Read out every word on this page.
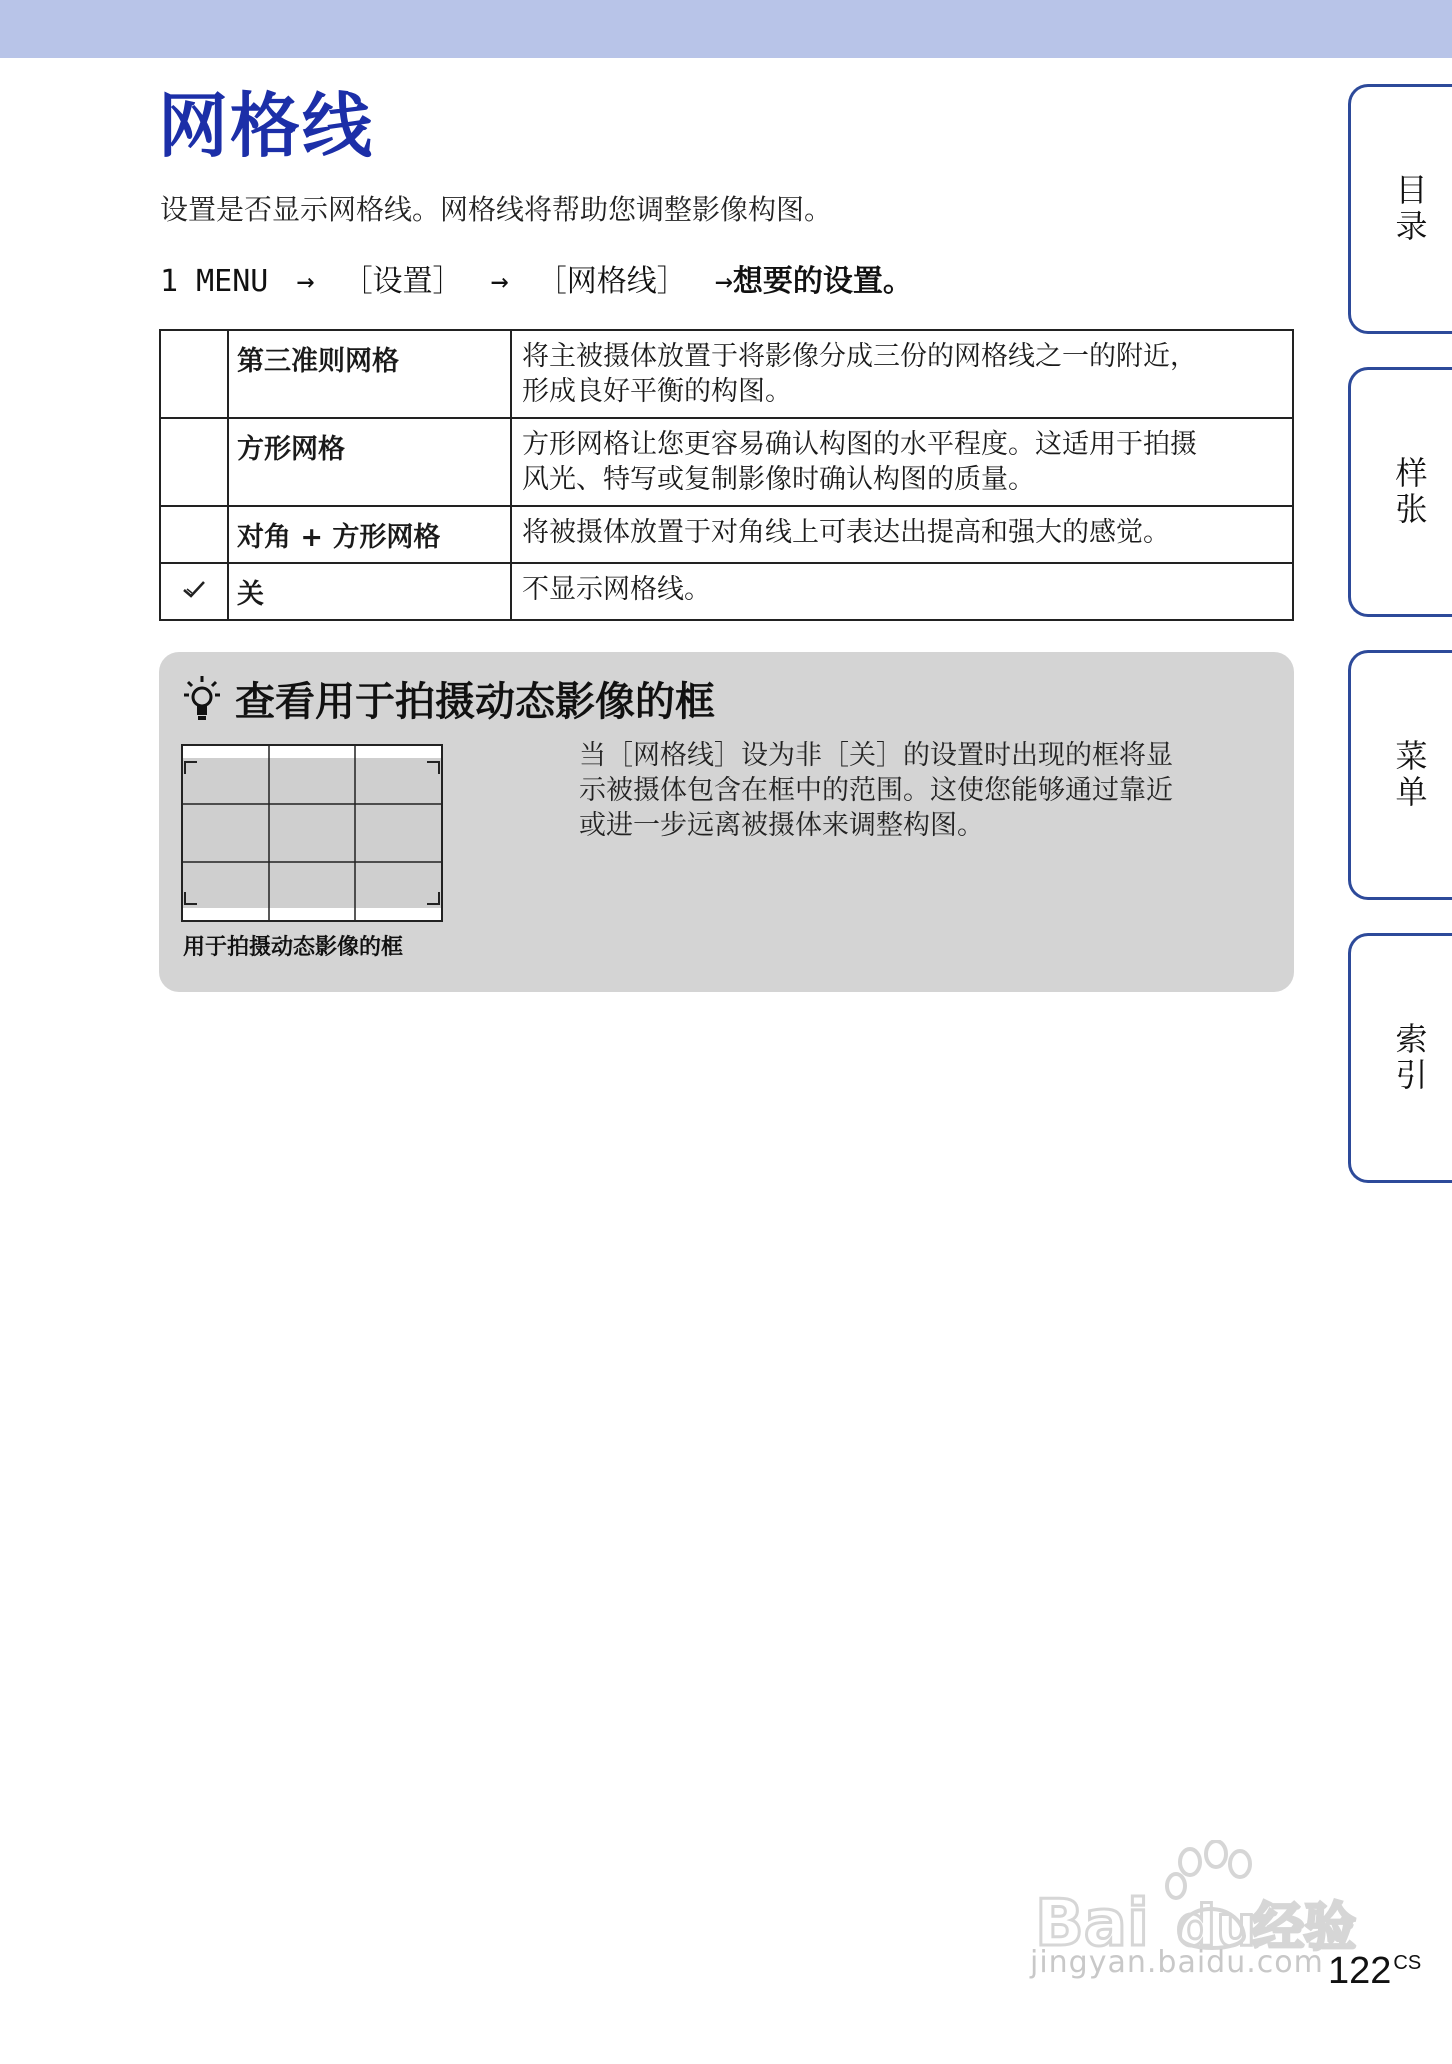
网格线

设置是否显示网格线。网格线将帮助您调整影像构图。

1 MENU → ［设置］ → ［网格线］ →想要的设置。
	第三准则网格	将主被摄体放置于将影像分成三份的网格线之一的附近，
形成良好平衡的构图。

	方形网格	方形网格让您更容易确认构图的水平程度。这适用于拍摄
风光、特写或复制影像时确认构图的质量。

	对角 + 方形网格	将被摄体放置于对角线上可表达出提高和强大的感觉。

	关	不显示网格线。
查看用于拍摄动态影像的框
用于拍摄动态影像的框
当［网格线］设为非［关］的设置时出现的框将显
示被摄体包含在框中的范围。这使您能够通过靠近
或进一步远离被摄体来调整构图。
目录
样张
菜单
索引
Bai du
经验
jingyan.baidu.com 122 $^{CS}$
